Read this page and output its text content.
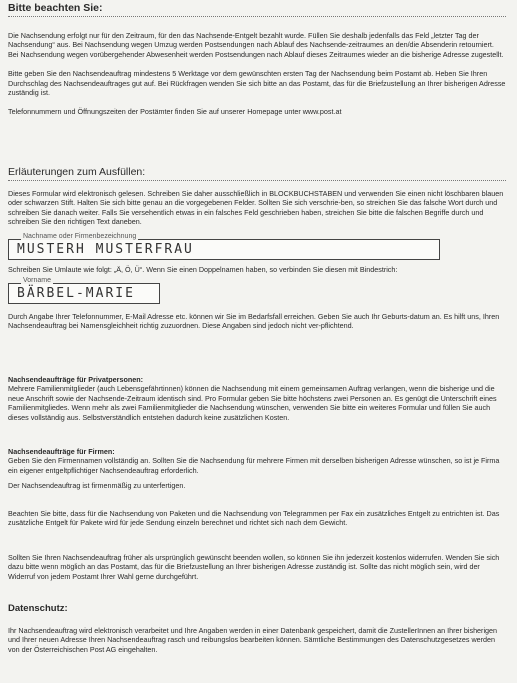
Bitte beachten Sie:

Die Nachsendung erfolgt nur für den Zeitraum, für den das Nachsende-Entgelt bezahlt wurde. Füllen Sie deshalb jedenfalls das Feld „letzter Tag der Nachsendung“ aus. Bei Nachsendung wegen Umzug werden Postsendungen nach Ablauf des Nachsende-zeitraumes an den/die Absenderin retourniert. Bei Nachsendung wegen vorübergehender Abwesenheit werden Postsendungen nach Ablauf dieses Zeitraumes wieder an die bisherige Adresse zugestellt.

Bitte geben Sie den Nachsendeauftrag mindestens 5 Werktage vor dem gewünschten ersten Tag der Nachsendung beim Postamt ab. Heben Sie Ihren Durchschlag des Nachsendeauftrages gut auf. Bei Rückfragen wenden Sie sich bitte an das Postamt, das für die Briefzustellung an Ihrer bisherigen Adresse zuständig ist.

Telefonnummern und Öffnungszeiten der Postämter finden Sie auf unserer Homepage unter www.post.at

Erläuterungen zum Ausfüllen:

Dieses Formular wird elektronisch gelesen. Schreiben Sie daher ausschließlich in BLOCKBUCHSTABEN und verwenden Sie einen nicht löschbaren blauen oder schwarzen Stift. Halten Sie sich bitte genau an die vorgegebenen Felder. Sollten Sie sich verschrie-ben, so streichen Sie das falsche Wort durch und schreiben Sie danach weiter. Falls Sie versehentlich etwas in ein falsches Feld geschrieben haben, streichen Sie bitte die falschen Begriffe durch und schreiben Sie den richtigen Text daneben.

Nachname oder Firmenbezeichnung
MUSTERH MUSTERFRAU

Schreiben Sie Umlaute wie folgt: „Ä, Ö, Ü“. Wenn Sie einen Doppelnamen haben, so verbinden Sie diesen mit Bindestrich:

Vorname
BÄRBEL-MARIE

Durch Angabe Ihrer Telefonnummer, E-Mail Adresse etc. können wir Sie im Bedarfsfall erreichen. Geben Sie auch Ihr Geburts-datum an. Es hilft uns, Ihren Nachsendeauftrag bei Namensgleichheit richtig zuzuordnen. Diese Angaben sind jedoch nicht ver-pflichtend.

Nachsendeaufträge für Privatpersonen:

Mehrere Familienmitglieder (auch Lebensgefährtinnen) können die Nachsendung mit einem gemeinsamen Auftrag verlangen, wenn die bisherige und die neue Anschrift sowie der Nachsende-Zeitraum identisch sind. Pro Formular geben Sie bitte höchstens zwei Personen an. Es genügt die Unterschrift eines Familienmitgliedes. Wenn mehr als zwei Familienmitglieder die Nachsendung wünschen, verwenden Sie bitte ein weiteres Formular und füllen Sie auch dieses vollständig aus. Selbstverständlich entstehen dadurch keine zusätzlichen Kosten.

Nachsendeaufträge für Firmen:

Geben Sie den Firmennamen vollständig an. Sollten Sie die Nachsendung für mehrere Firmen mit derselben bisherigen Adresse wünschen, so ist je Firma ein eigener entgeltpflichtiger Nachsendeauftrag erforderlich.

Der Nachsendeauftrag ist firmenmäßig zu unterfertigen.

Beachten Sie bitte, dass für die Nachsendung von Paketen und die Nachsendung von Telegrammen per Fax ein zusätzliches Entgelt zu entrichten ist. Das zusätzliche Entgelt für Pakete wird für jede Sendung einzeln berechnet und richtet sich nach dem Gewicht.

Sollten Sie Ihren Nachsendeauftrag früher als ursprünglich gewünscht beenden wollen, so können Sie ihn jederzeit kostenlos widerrufen. Wenden Sie sich dazu bitte wenn möglich an das Postamt, das für die Briefzustellung an Ihrer bisherigen Adresse zuständig ist. Sollte das nicht möglich sein, wird der Widerruf von jedem Postamt Ihrer Wahl gerne durchgeführt.

Datenschutz:

Ihr Nachsendeauftrag wird elektronisch verarbeitet und Ihre Angaben werden in einer Datenbank gespeichert, damit die ZustellerInnen an Ihrer bisherigen und Ihrer neuen Adresse Ihren Nachsendeauftrag rasch und reibungslos bearbeiten können. Sämtliche Bestimmungen des Datenschutzgesetzes werden von der Österreichischen Post AG eingehalten.
